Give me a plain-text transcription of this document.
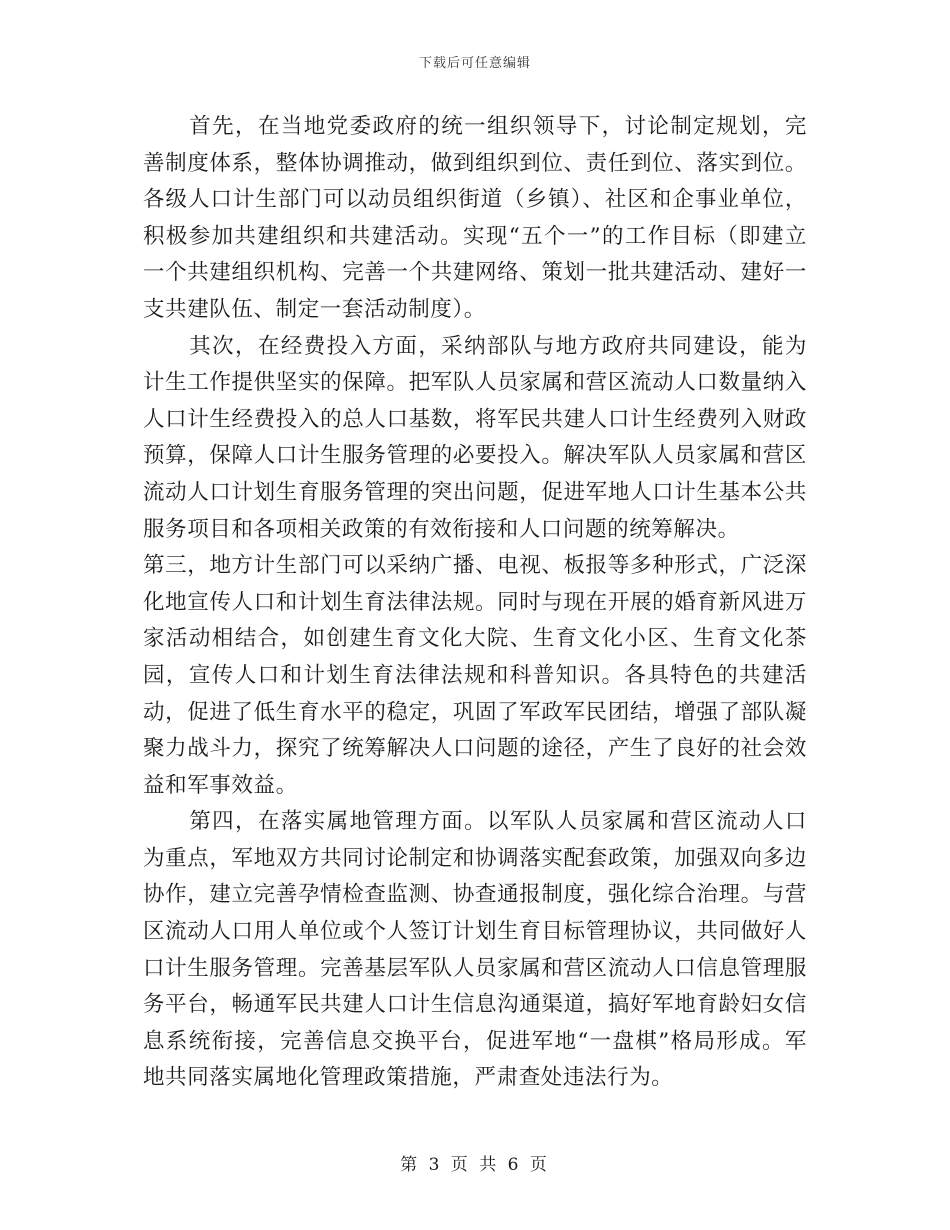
下载后可任意编辑

首先，在当地党委政府的统一组织领导下，讨论制定规划，完善制度体系，整体协调推动，做到组织到位、责任到位、落实到位。各级人口计生部门可以动员组织街道（乡镇）、社区和企事业单位，积极参加共建组织和共建活动。实现“五个一”的工作目标（即建立一个共建组织机构、完善一个共建网络、策划一批共建活动、建好一支共建队伍、制定一套活动制度）。

其次，在经费投入方面，采纳部队与地方政府共同建设，能为计生工作提供坚实的保障。把军队人员家属和营区流动人口数量纳入人口计生经费投入的总人口基数，将军民共建人口计生经费列入财政预算，保障人口计生服务管理的必要投入。解决军队人员家属和营区流动人口计划生育服务管理的突出问题，促进军地人口计生基本公共服务项目和各项相关政策的有效衔接和人口问题的统筹解决。

第三，地方计生部门可以采纳广播、电视、板报等多种形式，广泛深化地宣传人口和计划生育法律法规。同时与现在开展的婚育新风进万家活动相结合，如创建生育文化大院、生育文化小区、生育文化茶园，宣传人口和计划生育法律法规和科普知识。各具特色的共建活动，促进了低生育水平的稳定，巩固了军政军民团结，增强了部队凝聚力战斗力，探究了统筹解决人口问题的途径，产生了良好的社会效益和军事效益。

第四，在落实属地管理方面。以军队人员家属和营区流动人口为重点，军地双方共同讨论制定和协调落实配套政策，加强双向多边协作，建立完善孕情检查监测、协查通报制度，强化综合治理。与营区流动人口用人单位或个人签订计划生育目标管理协议，共同做好人口计生服务管理。完善基层军队人员家属和营区流动人口信息管理服务平台，畅通军民共建人口计生信息沟通渠道，搞好军地育龄妇女信息系统衔接，完善信息交换平台，促进军地“一盘棋”格局形成。军地共同落实属地化管理政策措施，严肃查处违法行为。

第 3 页 共 6 页
